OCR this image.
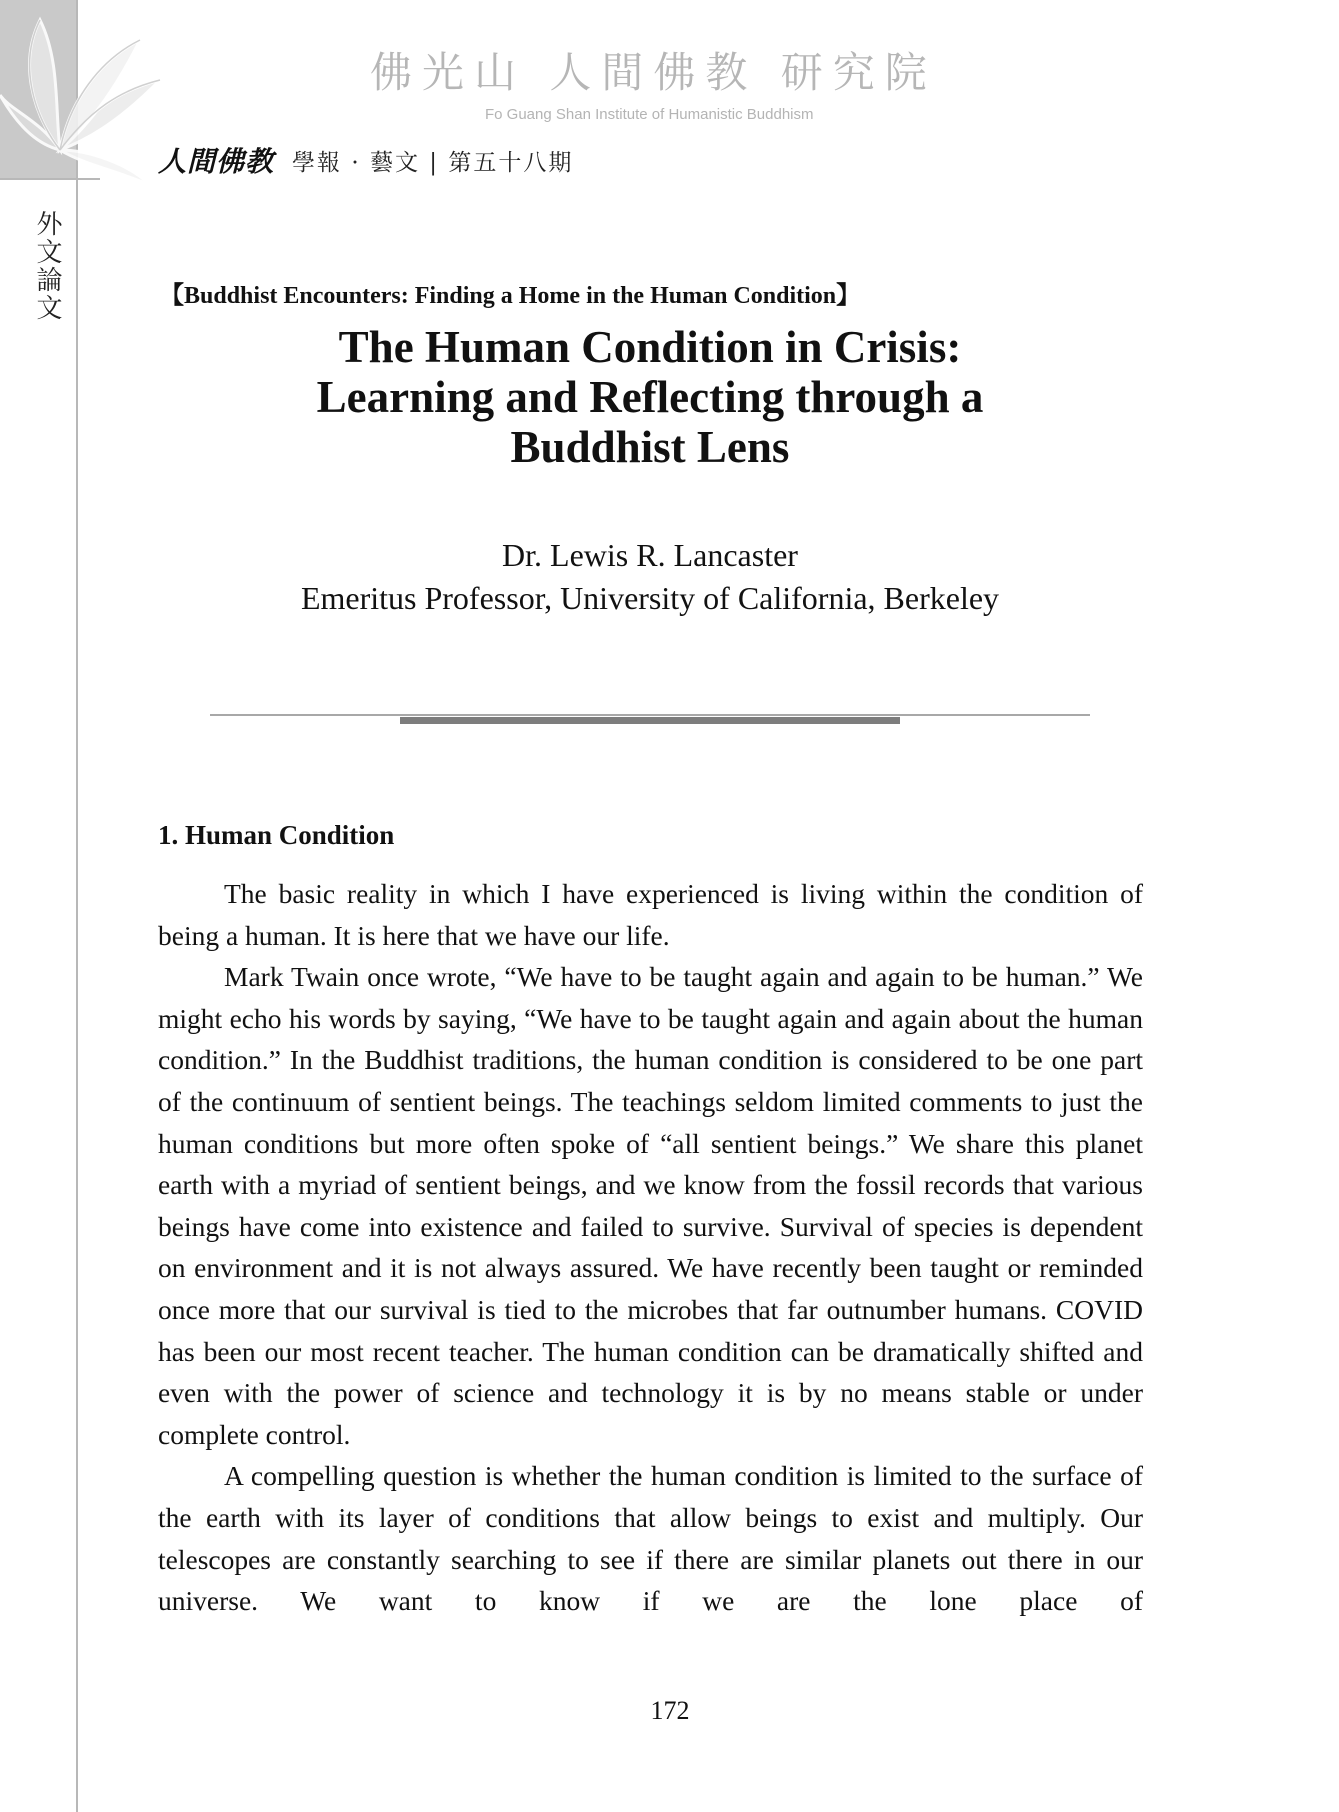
外文論文
佛光山 人間佛教 研究院
Fo Guang Shan Institute of Humanistic Buddhism
人間佛教 學報 · 藝文 | 第五十八期
【Buddhist Encounters: Finding a Home in the Human Condition】
The Human Condition in Crisis:
Learning and Reflecting through a
Buddhist Lens
Dr. Lewis R. Lancaster
Emeritus Professor, University of California, Berkeley
1. Human Condition

The basic reality in which I have experienced is living within the condition of being a human. It is here that we have our life.

Mark Twain once wrote, “We have to be taught again and again to be human.” We might echo his words by saying, “We have to be taught again and again about the human condition.” In the Buddhist traditions, the human condition is considered to be one part of the continuum of sentient beings. The teachings seldom limited comments to just the human conditions but more often spoke of “all sentient beings.” We share this planet earth with a myriad of sentient beings, and we know from the fossil records that various beings have come into existence and failed to survive. Survival of species is dependent on environment and it is not always assured. We have recently been taught or reminded once more that our survival is tied to the microbes that far outnumber humans. COVID has been our most recent teacher. The human condition can be dramatically shifted and even with the power of science and technology it is by no means stable or under complete control.

A compelling question is whether the human condition is limited to the surface of the earth with its layer of conditions that allow beings to exist and multiply. Our telescopes are constantly searching to see if there are similar planets out there in our universe. We want to know if we are the lone place of

172
